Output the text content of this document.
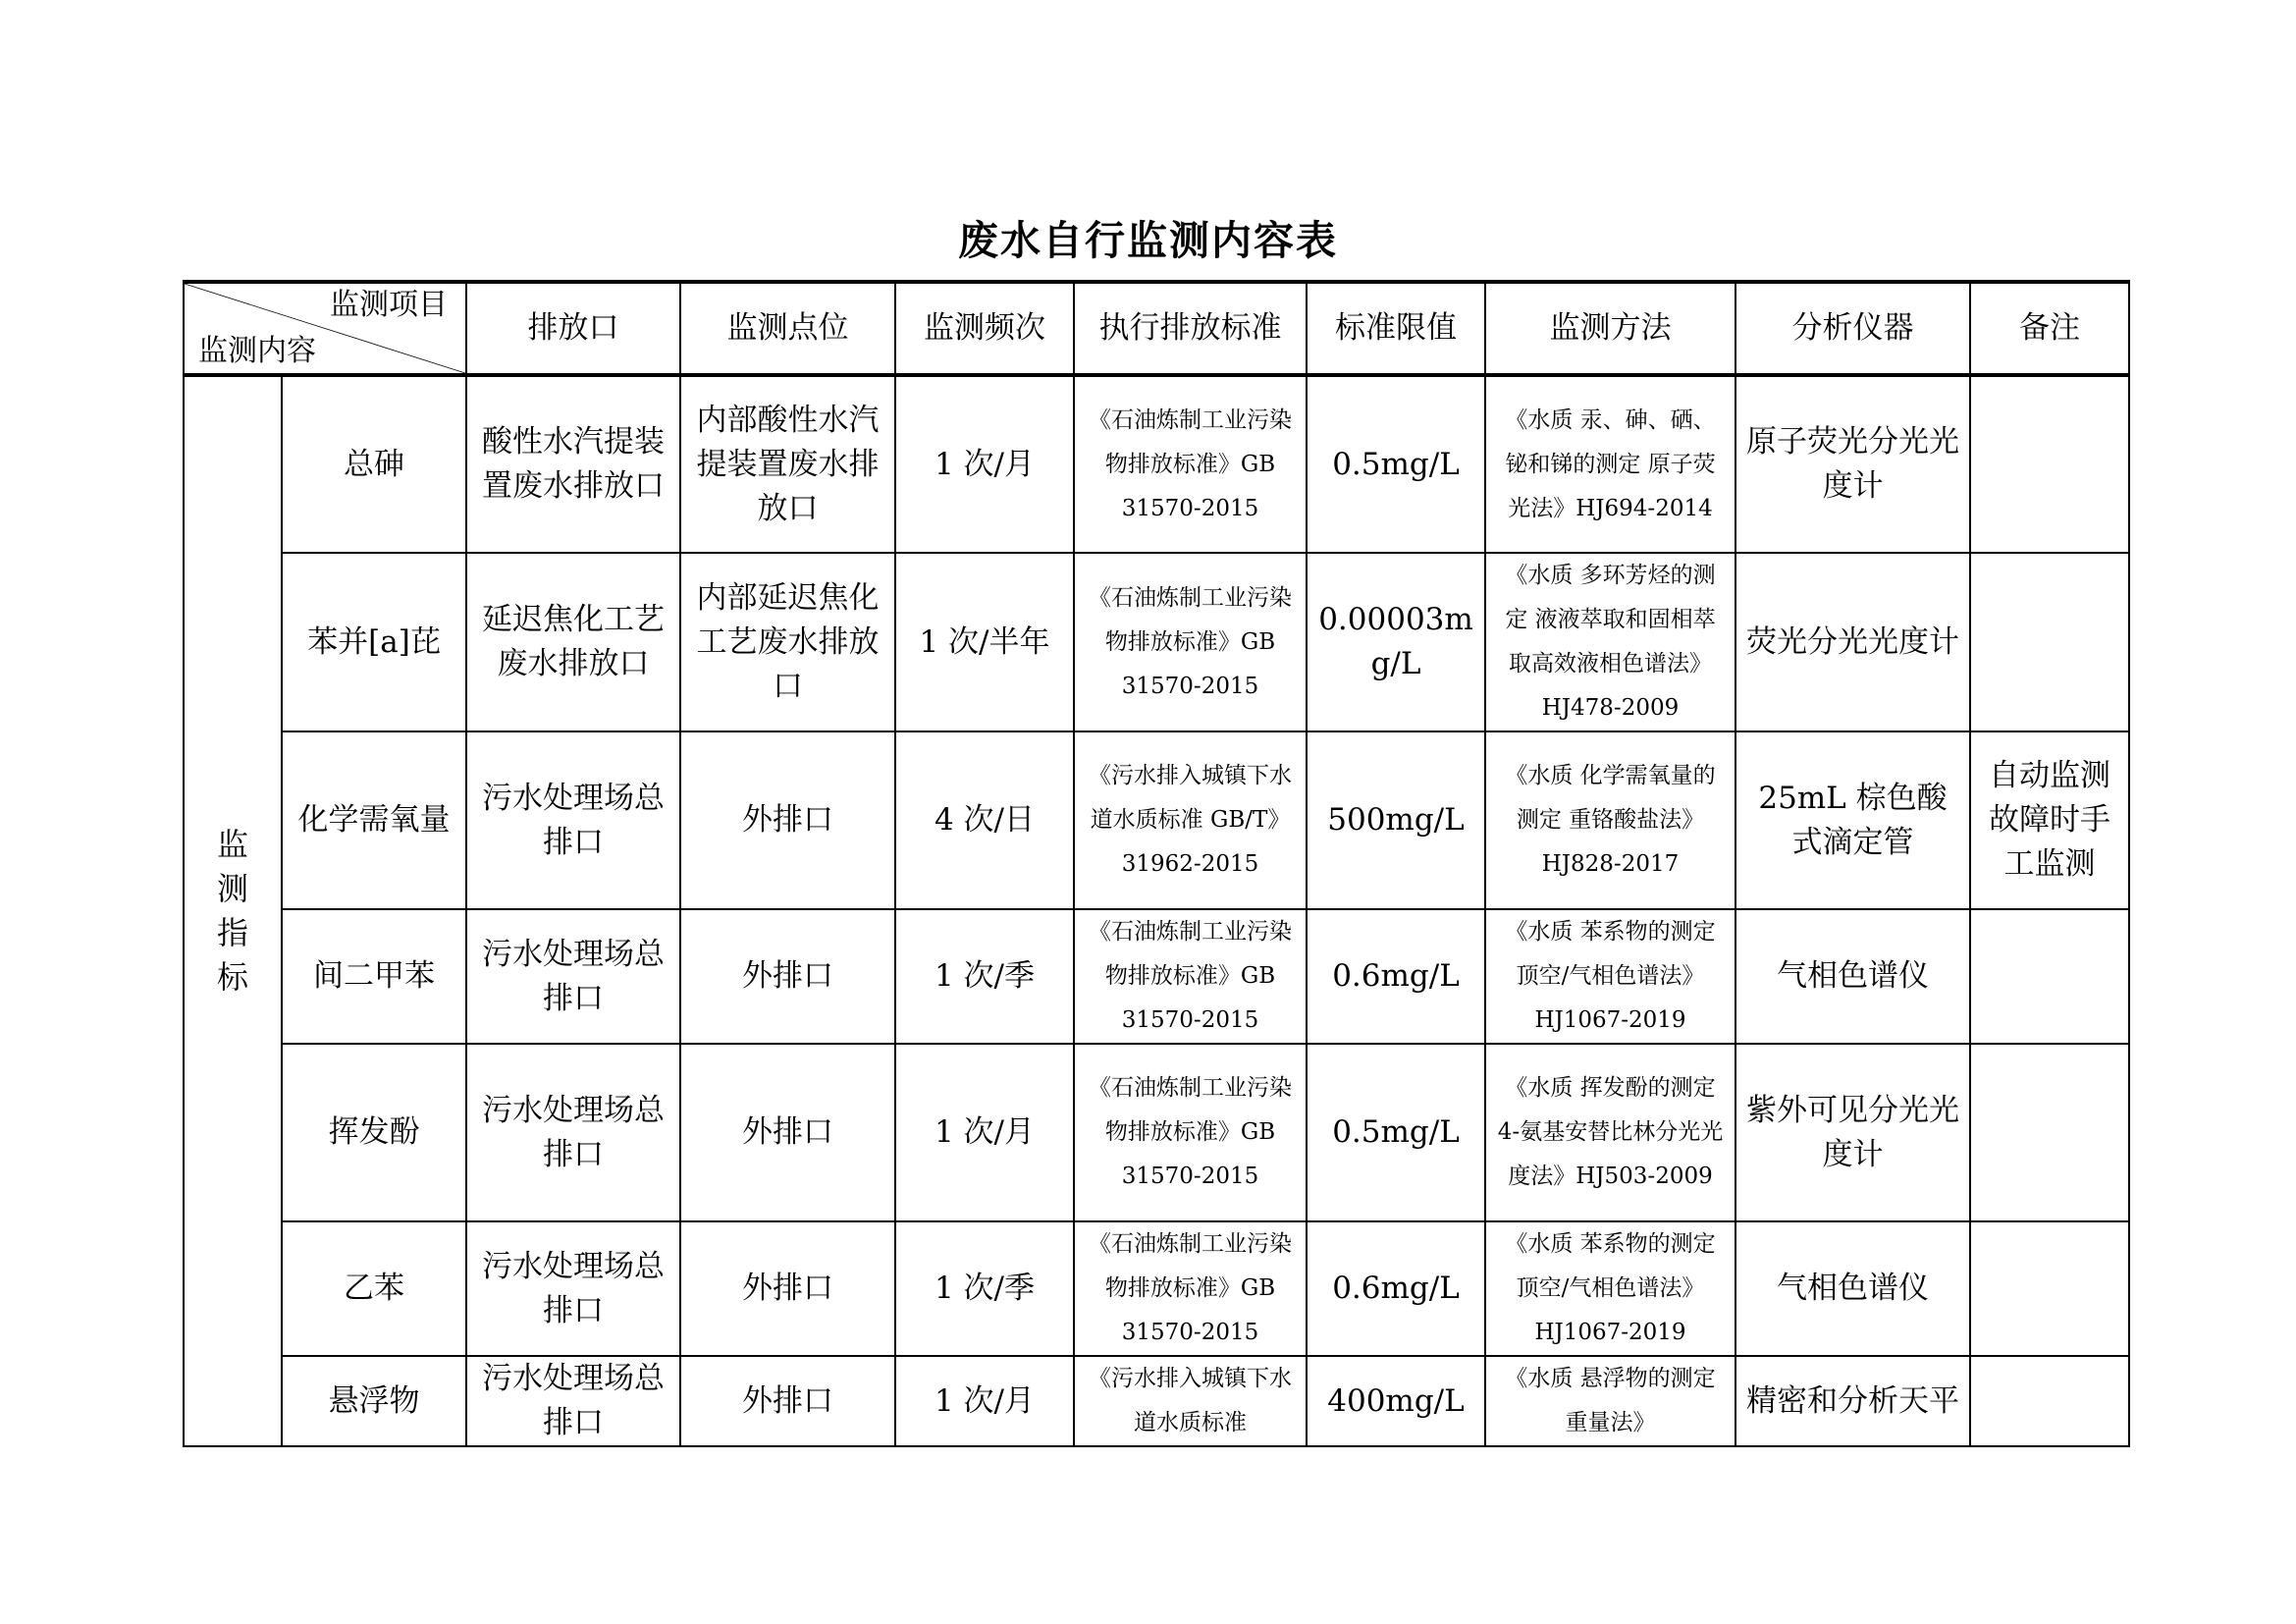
废水自行监测内容表
监测项目
监测内容		排放口	监测点位	监测频次	执行排放标准	标准限值	监测方法	分析仪器	备注

监测指标	总砷	酸性水汽提装置废水排放口	内部酸性水汽提装置废水排放口	1 次/月	《石油炼制工业污染物排放标准》GB 31570-2015	0.5mg/L	《水质 汞、砷、硒、铋和锑的测定 原子荧光法》HJ694-2014	原子荧光分光光度计	
	苯并[a]芘	延迟焦化工艺废水排放口	内部延迟焦化工艺废水排放口	1 次/半年	《石油炼制工业污染物排放标准》GB 31570-2015	0.00003mg/L	《水质 多环芳烃的测定 液液萃取和固相萃取高效液相色谱法》HJ478-2009	荧光分光光度计	
	化学需氧量	污水处理场总排口	外排口	4 次/日	《污水排入城镇下水道水质标准 GB/T》 31962-2015	500mg/L	《水质 化学需氧量的测定 重铬酸盐法》HJ828-2017	25mL 棕色酸式滴定管	自动监测故障时手工监测
	间二甲苯	污水处理场总排口	外排口	1 次/季	《石油炼制工业污染物排放标准》GB 31570-2015	0.6mg/L	《水质 苯系物的测定 顶空/气相色谱法》HJ1067-2019	气相色谱仪	
	挥发酚	污水处理场总排口	外排口	1 次/月	《石油炼制工业污染物排放标准》GB 31570-2015	0.5mg/L	《水质 挥发酚的测定 4-氨基安替比林分光光度法》HJ503-2009	紫外可见分光光度计	
	乙苯	污水处理场总排口	外排口	1 次/季	《石油炼制工业污染物排放标准》GB 31570-2015	0.6mg/L	《水质 苯系物的测定 顶空/气相色谱法》HJ1067-2019	气相色谱仪	
	悬浮物	污水处理场总排口	外排口	1 次/月	《污水排入城镇下水道水质标准	400mg/L	《水质 悬浮物的测定 重量法》	精密和分析天平	
